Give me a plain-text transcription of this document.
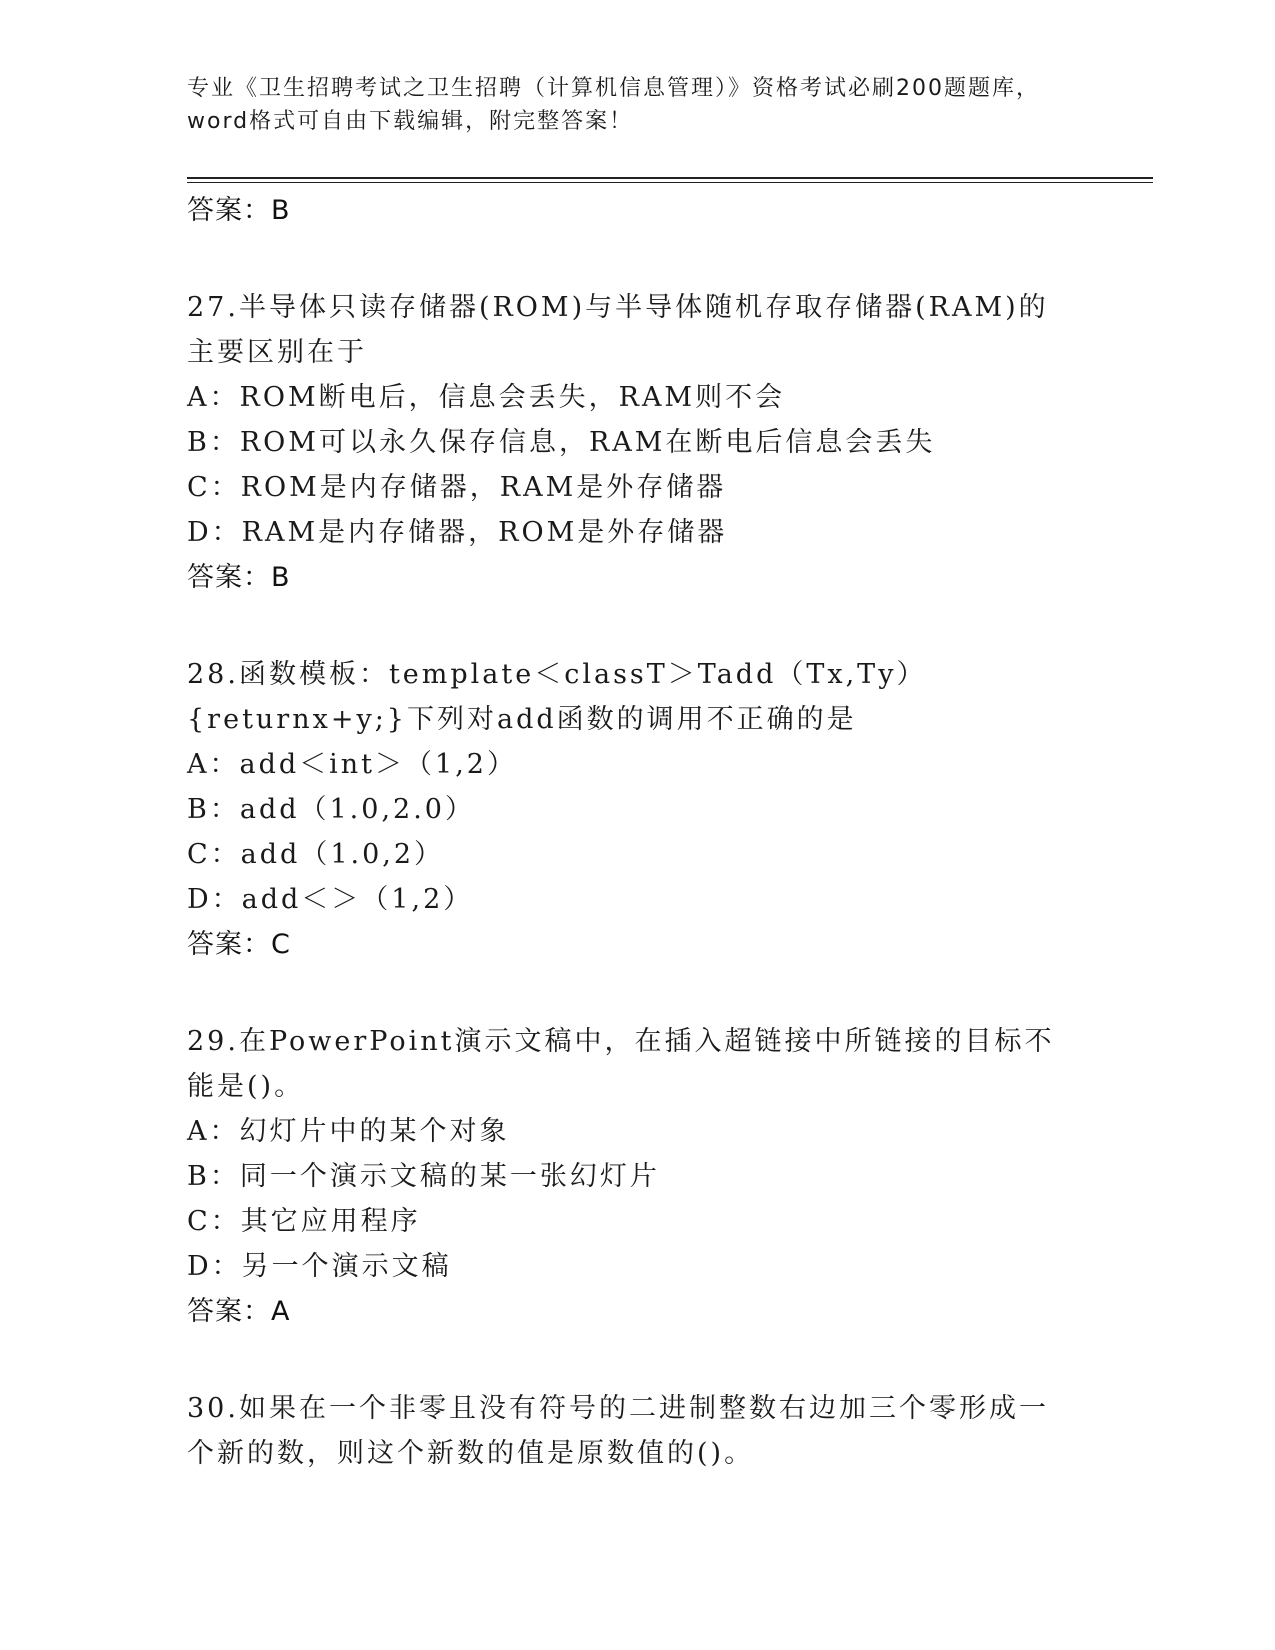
专业《卫生招聘考试之卫生招聘（计算机信息管理）》资格考试必刷200题题库，
word格式可自由下载编辑，附完整答案！
答案：B
27.半导体只读存储器(ROM)与半导体随机存取存储器(RAM)的主要区别在于
A：ROM断电后，信息会丢失，RAM则不会
B：ROM可以永久保存信息，RAM在断电后信息会丢失
C：ROM是内存储器，RAM是外存储器
D：RAM是内存储器，ROM是外存储器
答案：B
28.函数模板：template＜classT＞Tadd（Tx,Ty）{returnx+y;}下列对add函数的调用不正确的是
A：add＜int＞（1,2）
B：add（1.0,2.0）
C：add（1.0,2）
D：add＜＞（1,2）
答案：C
29.在PowerPoint演示文稿中，在插入超链接中所链接的目标不能是()。
A：幻灯片中的某个对象
B：同一个演示文稿的某一张幻灯片
C：其它应用程序
D：另一个演示文稿
答案：A
30.如果在一个非零且没有符号的二进制整数右边加三个零形成一个新的数，则这个新数的值是原数值的()。
